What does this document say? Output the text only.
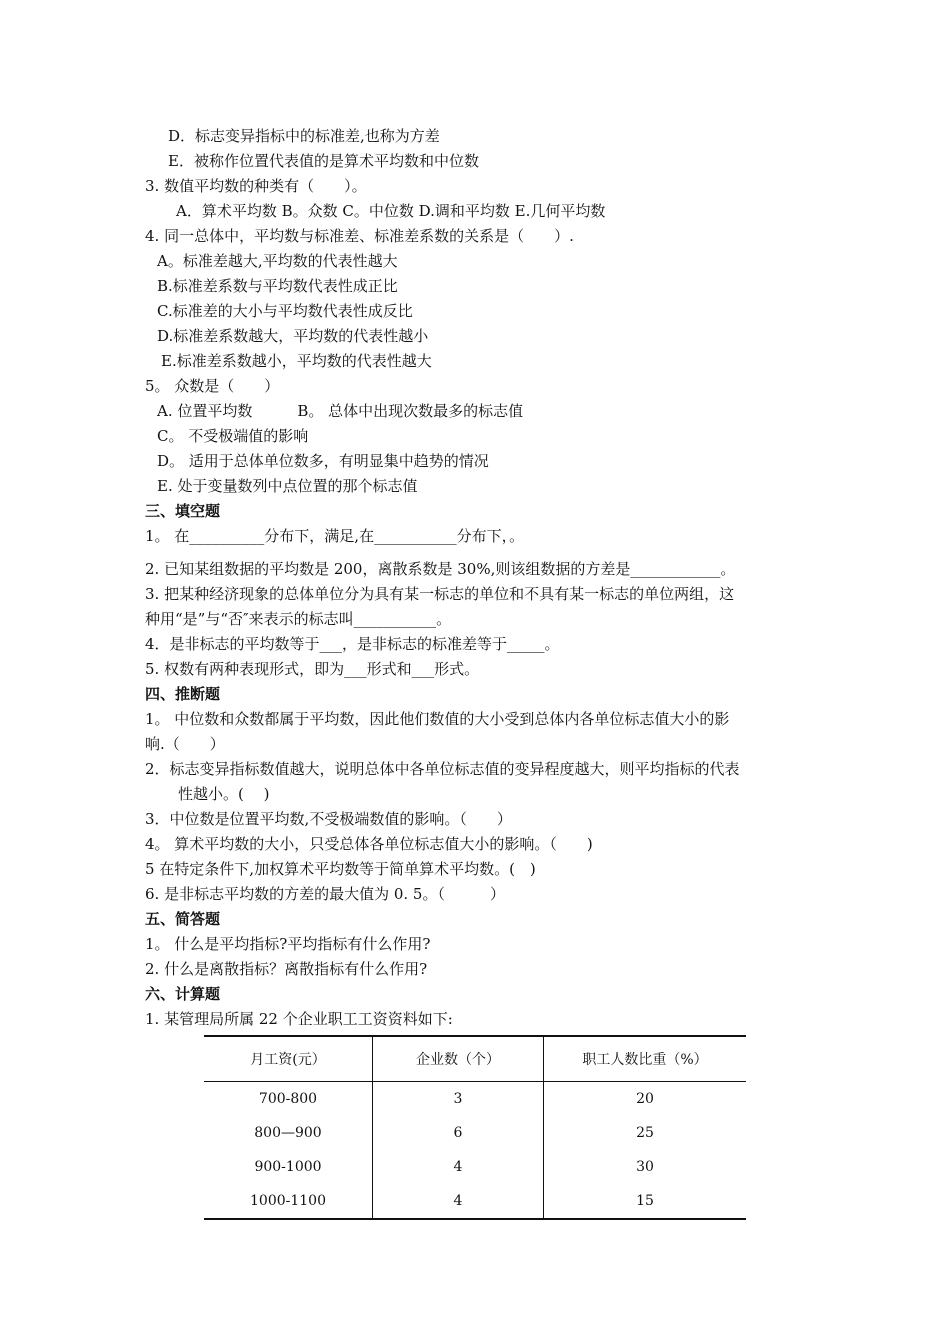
D．标志变异指标中的标准差,也称为方差
E．被称作位置代表值的是算术平均数和中位数
3. 数值平均数的种类有（　　）。
A．算术平均数 B。众数 C。中位数 D.调和平均数 E.几何平均数
4. 同一总体中，平均数与标准差、标准差系数的关系是（　　）.
A。标准差越大,平均数的代表性越大
B.标准差系数与平均数代表性成正比
C.标准差的大小与平均数代表性成反比
D.标准差系数越大，平均数的代表性越小
E.标准差系数越小，平均数的代表性越大
5。 众数是（　　）
A. 位置平均数　　　B。 总体中出现次数最多的标志值
C。 不受极端值的影响
D。 适用于总体单位数多，有明显集中趋势的情况
E. 处于变量数列中点位置的那个标志值
三、填空题
1。 在__________分布下，满足,在___________分布下，。
2. 已知某组数据的平均数是 200，离散系数是 30%,则该组数据的方差是____________。
3. 把某种经济现象的总体单位分为具有某一标志的单位和不具有某一标志的单位两组，这
种用“是”与“否″来表示的标志叫___________。
4．是非标志的平均数等于___，是非标志的标准差等于_____。
5. 权数有两种表现形式，即为___形式和___形式。
四、推断题
1。 中位数和众数都属于平均数，因此他们数值的大小受到总体内各单位标志值大小的影
响.（　　）
2．标志变异指标数值越大，说明总体中各单位标志值的变异程度越大，则平均指标的代表
性越小。(　 )
3．中位数是位置平均数,不受极端数值的影响。（　　）
4。 算术平均数的大小，只受总体各单位标志值大小的影响。（　　)
5 在特定条件下,加权算术平均数等于简单算术平均数。(　)
6. 是非标志平均数的方差的最大值为 0. 5。（　　　）
五、简答题
1。 什么是平均指标?平均指标有什么作用?
2. 什么是离散指标？离散指标有什么作用?
六、计算题
1. 某管理局所属 22 个企业职工工资资料如下:
月工资(元）	企业数（个）	职工人数比重（%）
700-800	3	20
800—900	6	25
900-1000	4	30
1000-1100	4	15
